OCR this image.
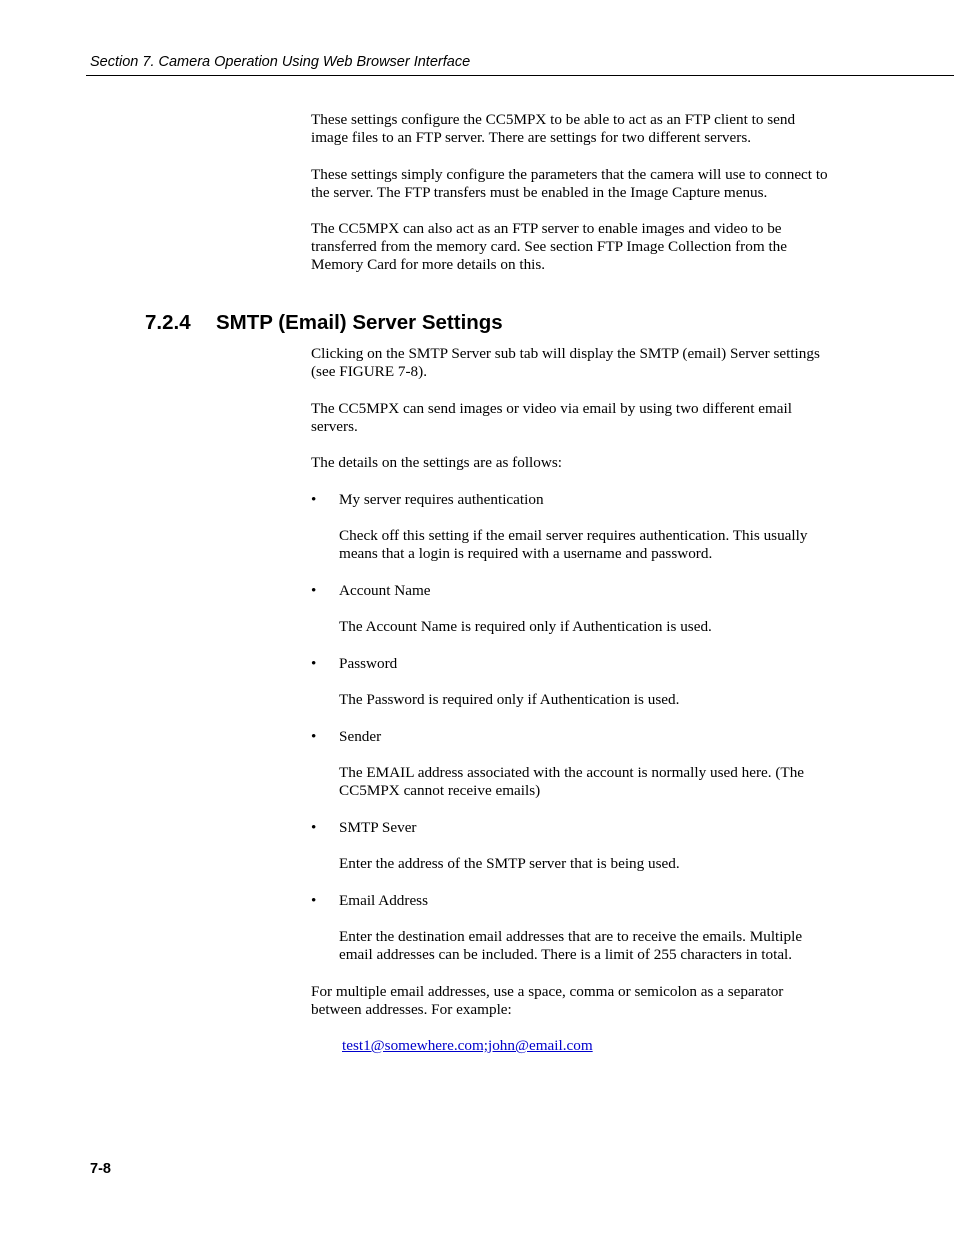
Section 7. Camera Operation Using Web Browser Interface

These settings configure the CC5MPX to be able to act as an FTP client to send image files to an FTP server. There are settings for two different servers.

These settings simply configure the parameters that the camera will use to connect to the server. The FTP transfers must be enabled in the Image Capture menus.

The CC5MPX can also act as an FTP server to enable images and video to be transferred from the memory card. See section FTP Image Collection from the Memory Card for more details on this.

7.2.4 SMTP (Email) Server Settings

Clicking on the SMTP Server sub tab will display the SMTP (email) Server settings (see FIGURE 7-8).

The CC5MPX can send images or video via email by using two different email servers.

The details on the settings are as follows:

• My server requires authentication
Check off this setting if the email server requires authentication. This usually means that a login is required with a username and password.
• Account Name
The Account Name is required only if Authentication is used.
• Password
The Password is required only if Authentication is used.
• Sender
The EMAIL address associated with the account is normally used here. (The CC5MPX cannot receive emails)
• SMTP Sever
Enter the address of the SMTP server that is being used.
• Email Address
Enter the destination email addresses that are to receive the emails. Multiple email addresses can be included. There is a limit of 255 characters in total.

For multiple email addresses, use a space, comma or semicolon as a separator between addresses. For example:

test1@somewhere.com;john@email.com

7-8
